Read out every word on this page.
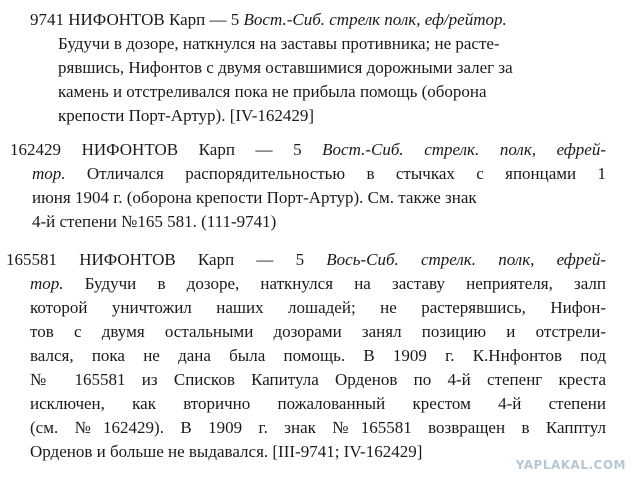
9741 НИФОНТОВ Карп — 5 Вост.-Сиб. стрелк полк, еф/рейтор.
Будучи в дозоре, наткнулся на заставы противника; не расте-
рявшись, Нифонтов с двумя оставшимися дорожными залег за
камень и отстреливался пока не прибыла помощь (оборона
крепости Порт-Артур). [IV-162429]
162429 НИФОНТОВ Карп — 5 Вост.-Сиб. стрелк. полк, ефрей-
тор. Отличался распорядительностью в стычках с японцами 1
июня 1904 г. (оборона крепости Порт-Артур). См. также знак
4-й степени №165 581. (111-9741)
165581 НИФОНТОВ Карп — 5 Вось-Сиб. стрелк. полк, ефрей-
тор. Будучи в дозоре, наткнулся на заставу неприятеля, залп
которой уничтожил наших лошадей; не растерявшись, Нифон-
тов с двумя остальными дозорами занял позицию и отстрели-
вался, пока не дана была помощь. В 1909 г. К.Ннфонтов под
№ 165581 из Списков Капитула Орденов по 4-й степенг креста
исключен, как вторично пожалованный крестом 4-й степени
(см. №162429). В 1909 г. знак №165581 возвращен в Капптул
Орденов и больше не выдавался. [III-9741; IV-162429]
YAPLAKAL.COM
